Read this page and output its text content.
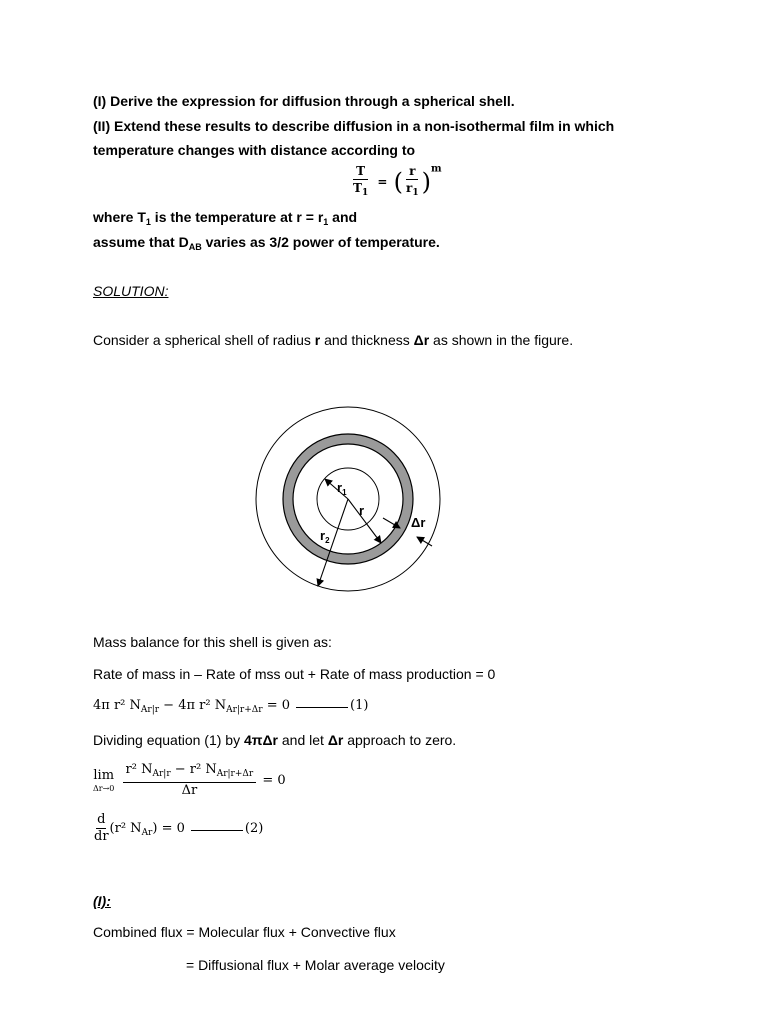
(I) Derive the expression for diffusion through a spherical shell.
(II) Extend these results to describe diffusion in a non-isothermal film in which
temperature changes with distance according to
$\frac{T}{T_1}$ = ( $\frac{r}{r_1} )^m$
where $T_1$ is the temperature at $r = r_1$ and
assume that $D_{AB}$ varies as 3/2 power of temperature.
SOLUTION:
Consider a spherical shell of radius r and thickness Δr as shown in the figure.
$r_1$
r
$r_2$
Δr
Mass balance for this shell is given as:
Rate of mass in – Rate of mss out + Rate of mass production = 0
4π r² $N_{Ar|r} - 4\pi$ r² $N_{Ar|r+\Delta r} = 0$	(1)
Dividing equation (1) by 4πΔr and let Δr approach to zero.
lim
Δr→0
$\frac{r^2 N_{Ar|r} - r^2 N_{Ar|r+\Delta r}}{\Delta r} = 0$
$\frac{d}{dr} (r^2$ $N_{Ar}) = 0$	(2)
(I):
Combined flux = Molecular flux + Convective flux
= Diffusional flux + Molar average velocity
